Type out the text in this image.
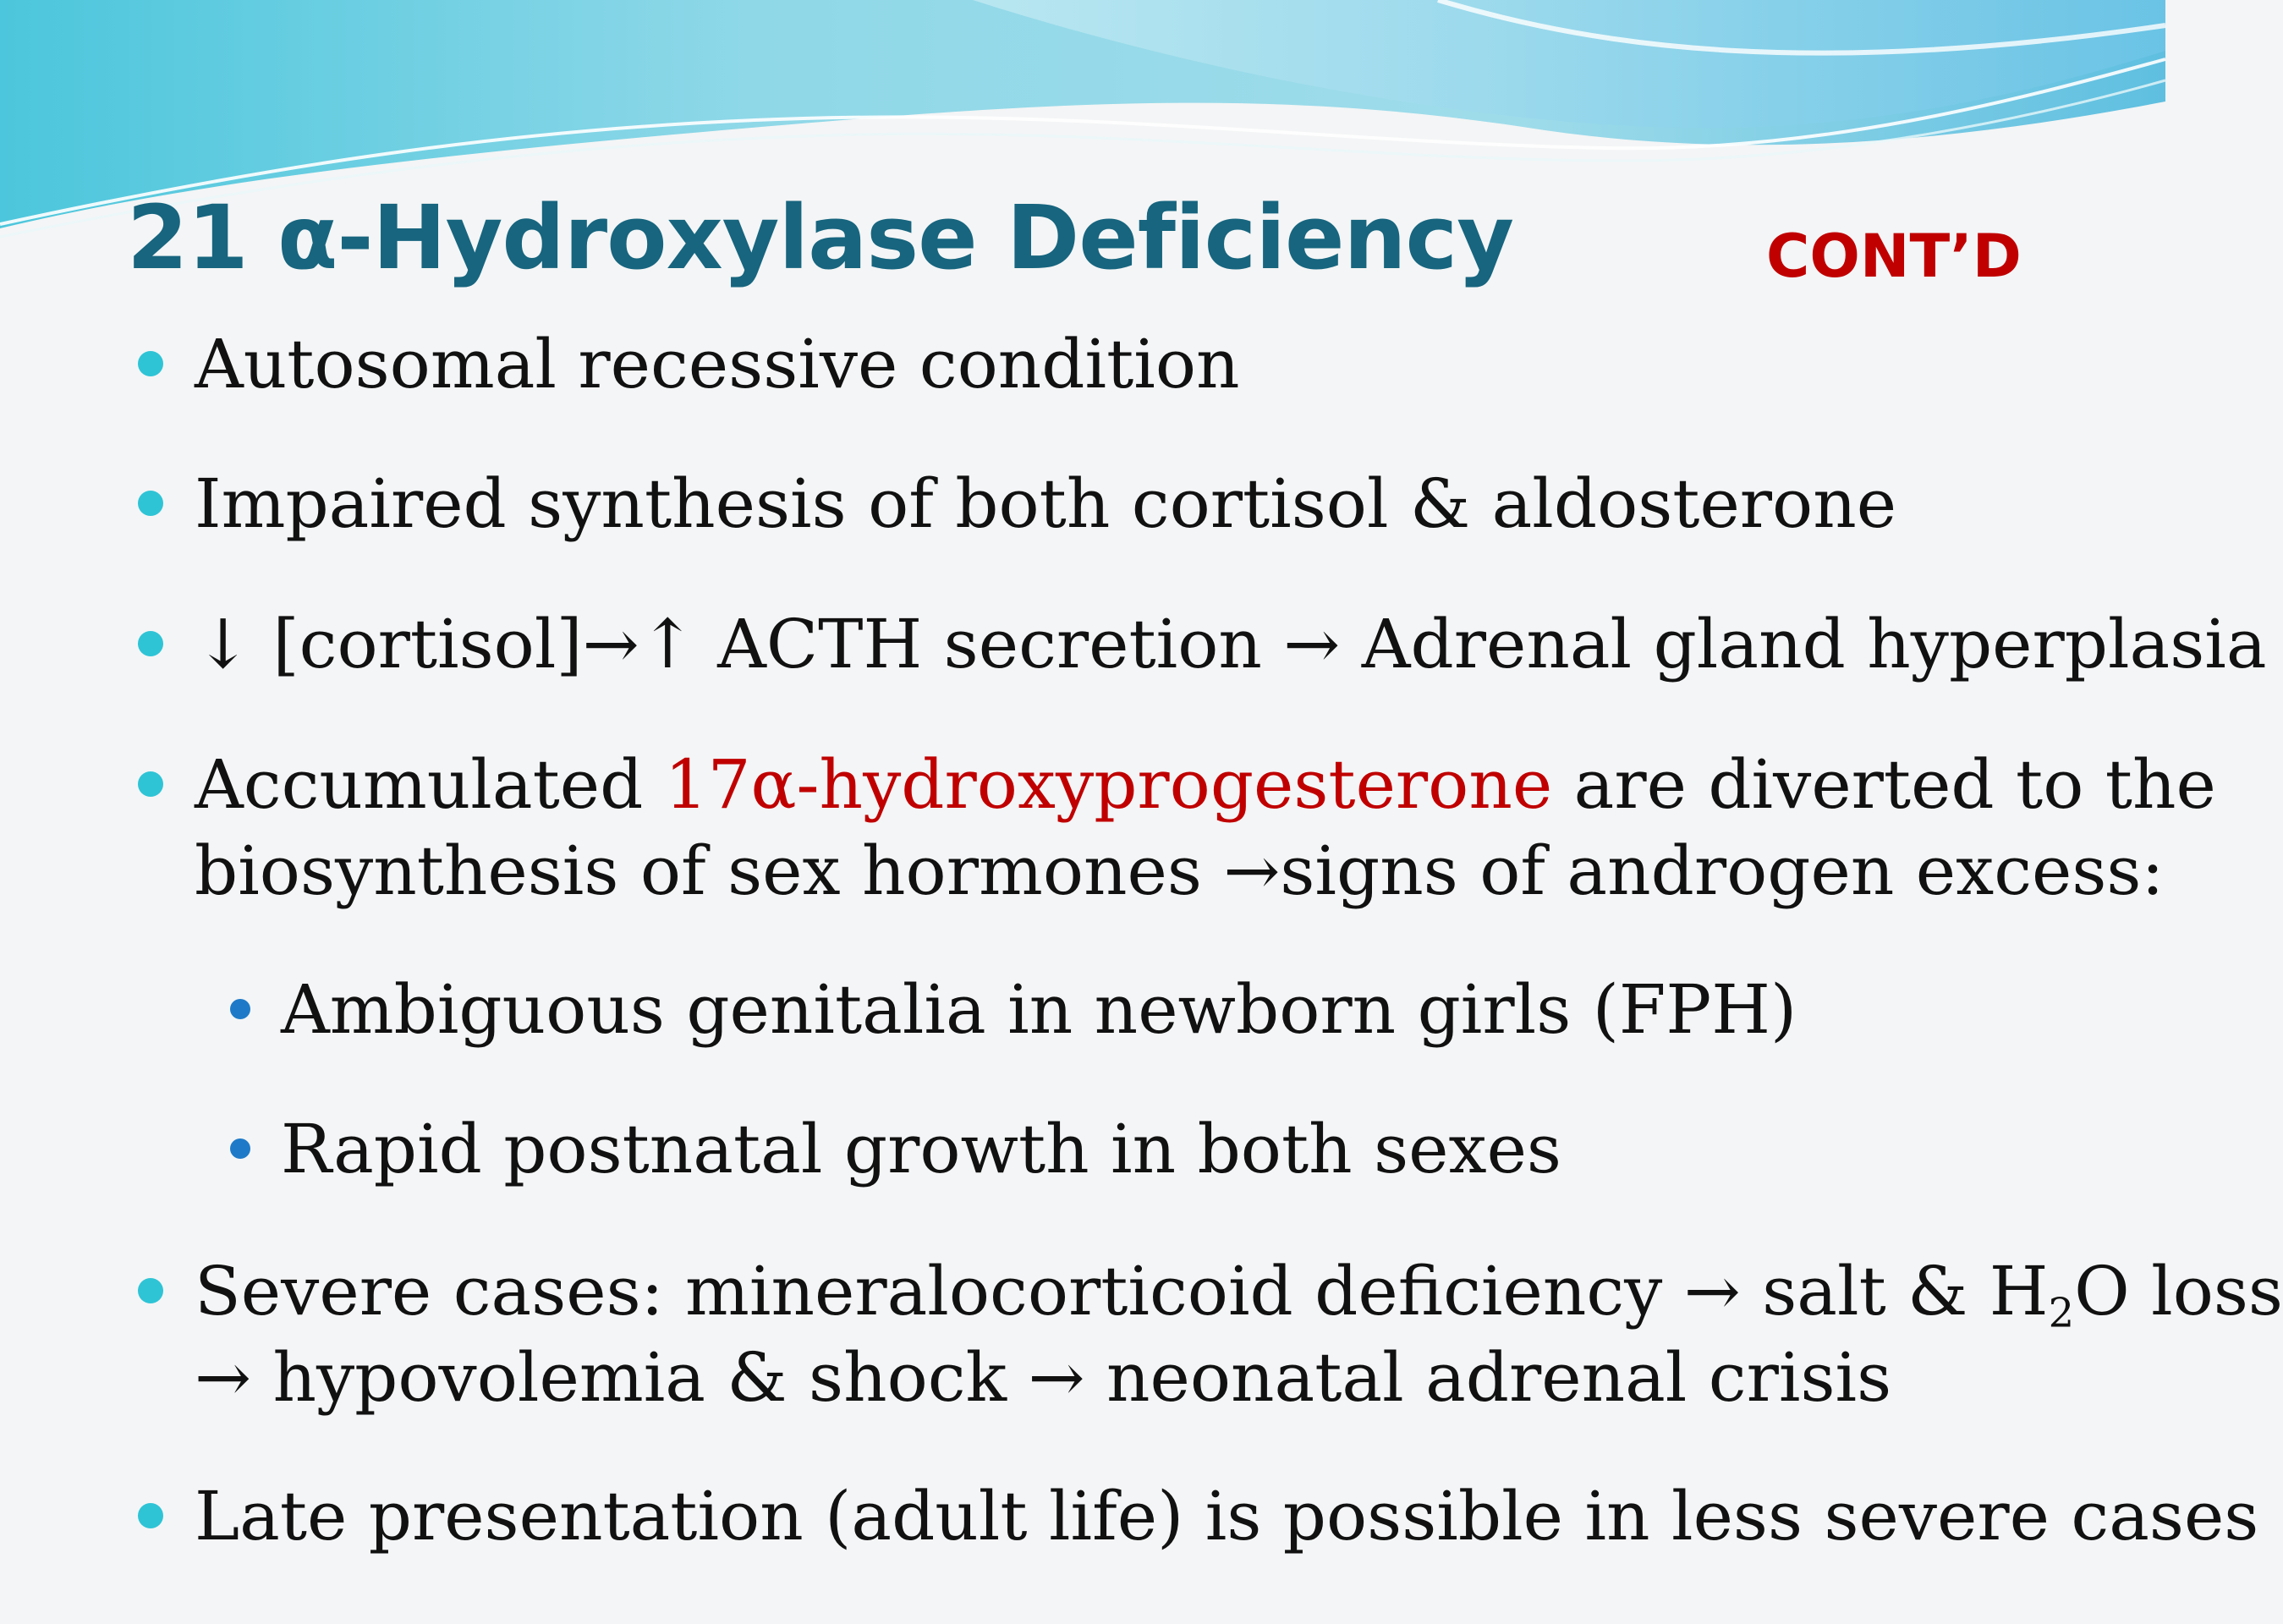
21 α-Hydroxylase Deficiency	CONT’D
Autosomal recessive condition
Impaired synthesis of both cortisol & aldosterone
↓ [cortisol]→↑ ACTH secretion → Adrenal gland hyperplasia
Accumulated 17α-hydroxyprogesterone are diverted to the
biosynthesis of sex hormones →signs of androgen excess:
Ambiguous genitalia in newborn girls (FPH)
Rapid postnatal growth in both sexes
Severe cases: mineralocorticoid deficiency → salt & $H_2O$ loss
→ hypovolemia & shock → neonatal adrenal crisis
Late presentation (adult life) is possible in less severe cases
